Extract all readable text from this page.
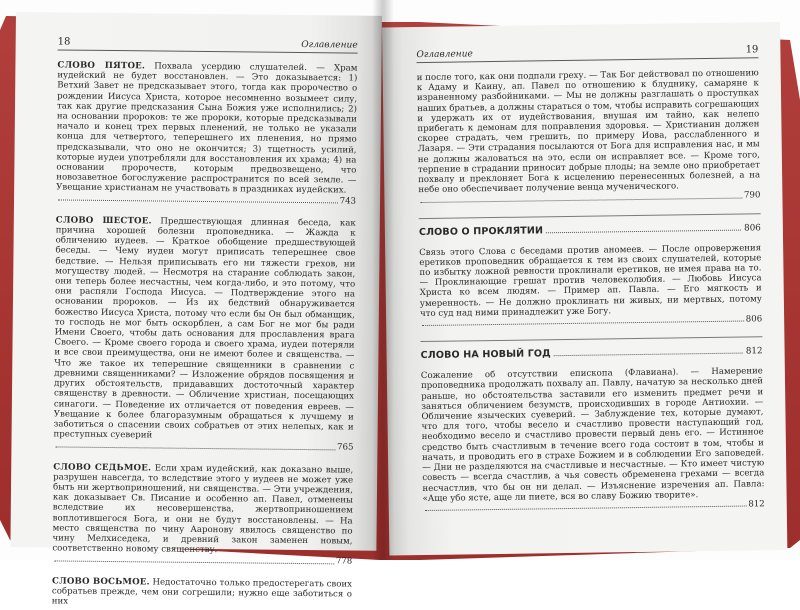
18	Оглавление
СЛОВО ПЯТОЕ. Похвала усердию слушателей. — Храм иудейский не будет восстановлен. — Это доказывается: 1) Ветхий Завет не предсказывает этого, тогда как пророчество о рождении Иисуса Христа, которое несомненно возымеет силу, так как другие предсказания Сына Божия уже исполнились; 2) на основании пророков: те же пророки, которые предсказывали начало и конец трех первых пленений, не только не указали конца для четвертого, теперешнего их пленения, но прямо предсказывали, что оно не окончится; 3) тщетность усилий, которые иудеи употребляли для восстановления их храма; 4) на основании пророчеств, которым предвозвещено, что новозаветное богослужение распространится по всей земле. — Увещание христианам не участвовать в праздниках иудейских.
743
СЛОВО ШЕСТОЕ. Предшествующая длинная беседа, как причина хорошей болезни проповедника. — Жажда к обличению иудеев. — Краткое обобщение предшествующей беседы. — Чему иудеи могут приписать теперешнее свое бедствие. — Нельзя приписывать его ни тяжести грехов, ни могуществу людей. — Несмотря на старание соблюдать закон, они теперь более несчастны, чем когда-либо, и это потому, что они распяли Господа Иисуса. — Подтверждение этого на основании пророков. — Из их бедствий обнаруживается божество Иисуса Христа, потому что если бы Он был обманщик, то господь не мог быть оскорблен, а сам Бог не мог бы ради Имени Своего, чтобы дать основания для прославления врага Своего. — Кроме своего города и своего храма, иудеи потеряли и все свои преимущества, они не имеют более и священства. — Что же такое их теперешние священники в сравнении с древними священниками? — Изложение обрядов посвящения и других обстоятельств, придававших достоточный характер священству в древности. — Обличение христиан, посещающих синагоги. — Поведение их отличается от поведения евреев. — Увещание к более благоразумным обращаться к лучшему и заботиться о спасении своих собратьев от этих нелепых, как и преступных суеверий
765
СЛОВО СЕДЬМОЕ. Если храм иудейский, как доказано выше, разрушен навсегда, то вследствие этого у иудеев не может уже быть ни жертвоприношений, ни священства. — Эти учреждения, как доказывает Св. Писание и особенно ап. Павел, отменены вследствие их несовершенства, жертвоприношением воплотившегося Бога, и они не будут восстановлены. — На место священства по чину Ааронову явилось священство по чину Мелхиседека, и древний закон заменен новым, соответственно новому священству.
778
СЛОВО ВОСЬМОЕ. Недостаточно только предостерегать своих собратьев прежде, чем они согрешили; нужно еще заботиться о них
Оглавление	19
и после того, как они подпали греху. — Так Бог действовал по отношению к Адаму и Каину, ап. Павел по отношению к блуднику, самаряне к израненному разбойниками. — Мы не должны разглашать о проступках наших братьев, а должны стараться о том, чтобы исправить согрешающих и удержать их от иудействования, внушая им тайно, как нелепо прибегать к демонам для поправления здоровья. — Христианин должен скорее страдать, чем грешить, по примеру Иова, расслабленного и Лазаря. — Эти страдания посылаются от Бога для исправления нас, и мы не должны жаловаться на это, если он исправляет все. — Кроме того, терпение в страдании приносит добрые плоды; на земле оно приобретает похвалу и преклоняет Бога к исцелению перенесенных болезней, а на небе оно обеспечивает получение венца мученического.
790
СЛОВО О ПРОКЛЯТИИ	806
Связь этого Слова с беседами против аномеев. — После опровержения еретиков проповедник обращается к тем из своих слушателей, которые по избытку ложной ревности проклинали еретиков, не имея права на то. — Проклинающие грешат против человеколюбия. — Любовь Иисуса Христа ко всем людям. — Пример ап. Павла. — Его мягкость и умеренность. — Не должно проклинать ни живых, ни мертвых, потому что суд над ними принадлежит уже Богу.
806
СЛОВО НА НОВЫЙ ГОД	812
Сожаление об отсутствии епископа (Флавиана). — Намерение проповедника продолжать похвалу ап. Павлу, начатую за несколько дней раньше, но обстоятельства заставили его изменить предмет речи и заняться обличением безумств, происходивших в городе Антиохии. — Обличение языческих суеверий. — Заблуждение тех, которые думают, что для того, чтобы весело и счастливо провести наступающий год, необходимо весело и счастливо провести первый день его. — Истинное средство быть счастливым в течение всего года состоит в том, чтобы и начать, и проводить его в страхе Божием и в соблюдении Его заповедей. — Дни не разделяются на счастливые и несчастные. — Кто имеет чистую совесть — всегда счастлив, а чья совесть обременена грехами — всегда несчастлив, что бы он ни делал. — Изъяснение изречения ап. Павла: «Аще убо ясте, аще ли пиете, вся во славу Божию творите».
812
